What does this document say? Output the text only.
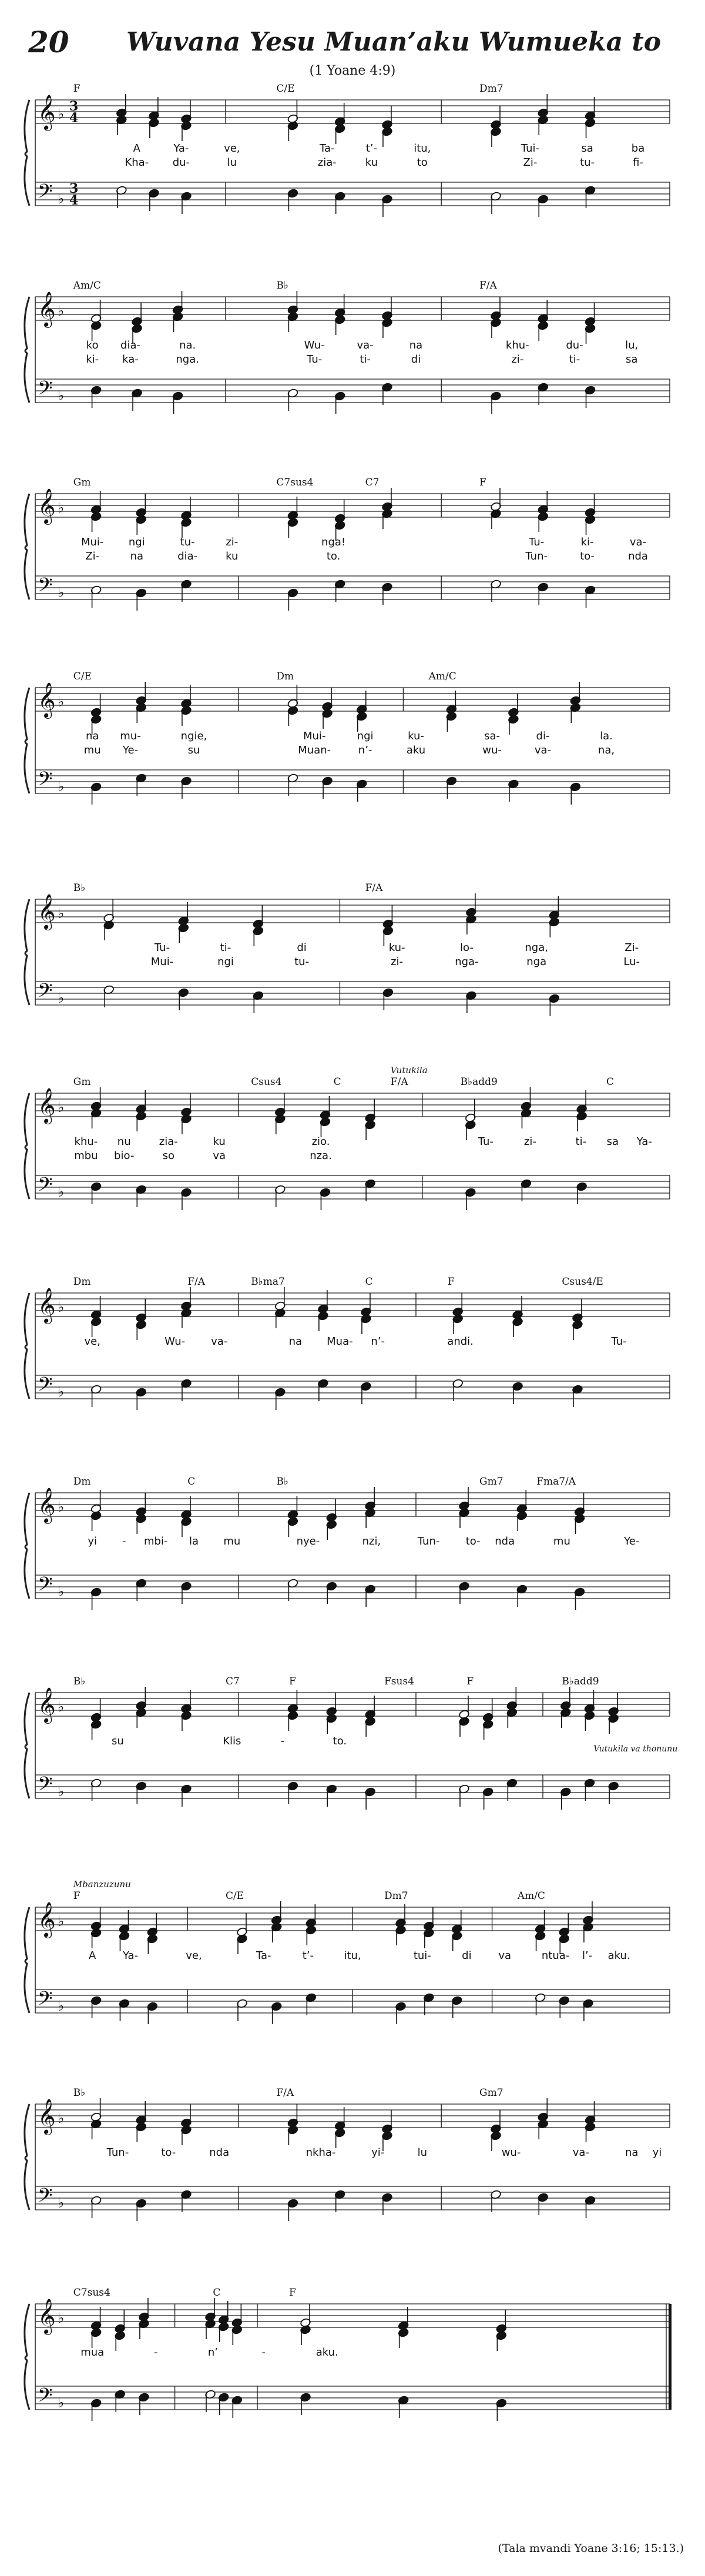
20 Wuvana Yesu Muan’aku Wumueka to
(1 Yoane 4:9)
(Tala mvandi Yoane 3:16; 15:13.)
𝄞
𝄢
♭
♭
3
4
3
4
F	C/E	Dm7
A	Ya-	ve,	Ta-	t’-	itu,	Tui-	sa	ba
Kha- du-	lu	zia-	ku	to	Zi-	tu-	fi-
𝄞
𝄢
♭
♭
Am/C	B♭	F/A
ko dia-	na.	Wu-	va-	na	khu-	du-	lu,
ki- ka-	nga.	Tu-	ti-	di	zi-	ti-	sa
𝄞
𝄢
♭
♭
Gm	C7sus4	C7	F
Mui- ngi	tu-	zi-	nga!	Tu-	ki-	va-
Zi-	na	dia-	ku	to.	Tun-	to-	nda
𝄞
𝄢
♭
♭
C/E	Dm	Am/C
na mu-	ngie,	Mui-	ngi	ku-	sa-	di-	la.
mu Ye-	su	Muan-	n’-	aku	wu-	va-	na,
𝄞
𝄢
♭
♭
B♭	F/A
Tu-	ti-	di	ku-	lo-	nga,	Zi-
Mui-	ngi	tu-	zi-	nga-	nga	Lu-
𝄞
𝄢
♭
♭
Gm	Csus4	C	F/A	B♭add9	C
Vutukila
khu- nu	zia-	ku	zio.	Tu-	zi-	ti- sa Ya-
mbu bio-	so	va	nza.
𝄞
𝄢
♭
♭
Dm	F/A	B♭ma7	C	F	Csus4/E
ve,	Wu- va-	na Mua- n’-	andi.	Tu-
𝄞
𝄢
♭
♭
Dm	C	B♭	Gm7	Fma7/A
yi - mbi- la mu	nye-	nzi,	Tun- to- nda	mu	Ye-
𝄞
𝄢
♭
♭
B♭	C7	F	Fsus4	F	B♭add9
Vutukila va thonunu
su	Klis	-	to.
𝄞
𝄢
♭
♭
F	C/E	Dm7	Am/C
Mbanzuzunu
A	Ya-	ve,	Ta-	t’-	itu,	tui-	di	va	ntua- l’- aku.
𝄞
𝄢
♭
♭
B♭	F/A	Gm7
Tun-	to-	nda	nkha-	yi-	lu	wu-	va-	na yi
𝄞
𝄢
♭
♭
C7sus4	C	F
mua	-	n’	-	aku.
